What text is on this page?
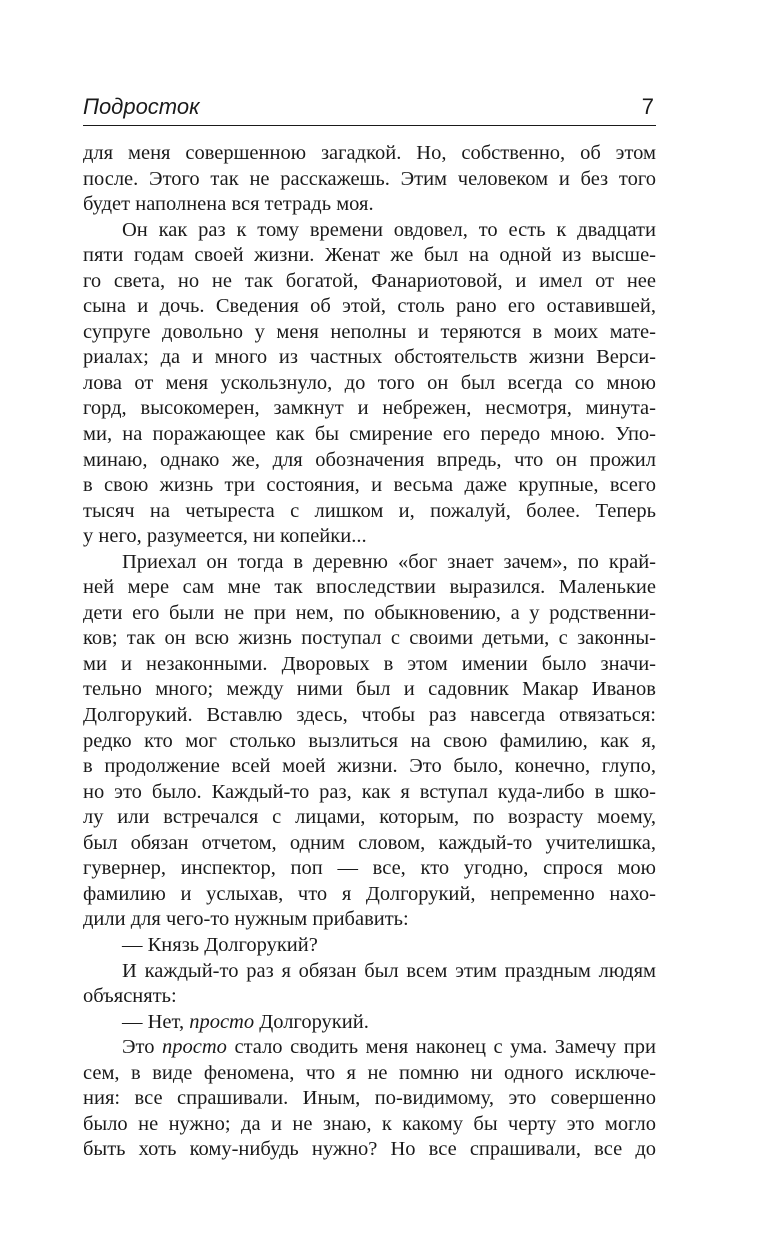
Подросток	7
для меня совершенною загадкой. Но, собственно, об этом
после. Этого так не расскажешь. Этим человеком и без того
будет наполнена вся тетрадь моя.
Он как раз к тому времени овдовел, то есть к двадцати
пяти годам своей жизни. Женат же был на одной из высше-
го света, но не так богатой, Фанариотовой, и имел от нее
сына и дочь. Сведения об этой, столь рано его оставившей,
супруге довольно у меня неполны и теряются в моих мате-
риалах; да и много из частных обстоятельств жизни Верси-
лова от меня ускользнуло, до того он был всегда со мною
горд, высокомерен, замкнут и небрежен, несмотря, минута-
ми, на поражающее как бы смирение его передо мною. Упо-
минаю, однако же, для обозначения впредь, что он прожил
в свою жизнь три состояния, и весьма даже крупные, всего
тысяч на четыреста с лишком и, пожалуй, более. Теперь
у него, разумеется, ни копейки...
Приехал он тогда в деревню «бог знает зачем», по край-
ней мере сам мне так впоследствии выразился. Маленькие
дети его были не при нем, по обыкновению, а у родственни-
ков; так он всю жизнь поступал с своими детьми, с законны-
ми и незаконными. Дворовых в этом имении было значи-
тельно много; между ними был и садовник Макар Иванов
Долгорукий. Вставлю здесь, чтобы раз навсегда отвязаться:
редко кто мог столько вызлиться на свою фамилию, как я,
в продолжение всей моей жизни. Это было, конечно, глупо,
но это было. Каждый-то раз, как я вступал куда-либо в шко-
лу или встречался с лицами, которым, по возрасту моему,
был обязан отчетом, одним словом, каждый-то учителишка,
гувернер, инспектор, поп — все, кто угодно, спрося мою
фамилию и услыхав, что я Долгорукий, непременно нахо-
дили для чего-то нужным прибавить:
— Князь Долгорукий?
И каждый-то раз я обязан был всем этим праздным людям
объяснять:
— Нет, просто Долгорукий.
Это просто стало сводить меня наконец с ума. Замечу при
сем, в виде феномена, что я не помню ни одного исключе-
ния: все спрашивали. Иным, по-видимому, это совершенно
было не нужно; да и не знаю, к какому бы черту это могло
быть хоть кому-нибудь нужно? Но все спрашивали, все до
